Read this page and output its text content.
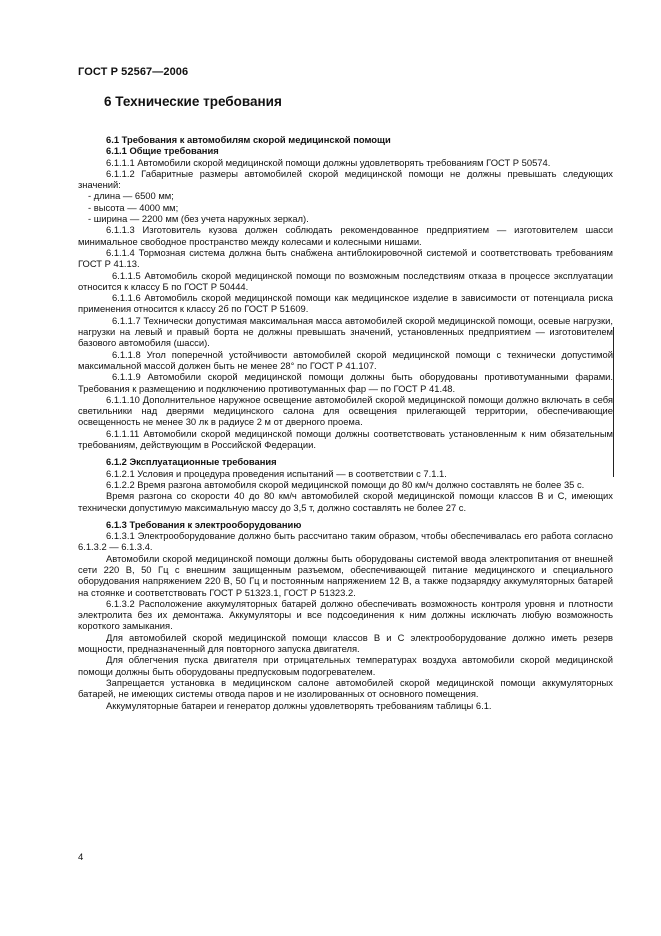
ГОСТ Р 52567—2006
6 Технические требования

6.1 Требования к автомобилям скорой медицинской помощи

6.1.1 Общие требования

6.1.1.1 Автомобили скорой медицинской помощи должны удовлетворять требованиям ГОСТ Р 50574.

6.1.1.2 Габаритные размеры автомобилей скорой медицинской помощи не должны превышать следующих значений:

- длина — 6500 мм;

- высота — 4000 мм;

- ширина — 2200 мм (без учета наружных зеркал).

6.1.1.3 Изготовитель кузова должен соблюдать рекомендованное предприятием — изготовителем шасси минимальное свободное пространство между колесами и колесными нишами.

6.1.1.4 Тормозная система должна быть снабжена антиблокировочной системой и соответствовать требованиям ГОСТ Р 41.13.

6.1.1.5 Автомобиль скорой медицинской помощи по возможным последствиям отказа в процессе эксплуатации относится к классу Б по ГОСТ Р 50444.

6.1.1.6 Автомобиль скорой медицинской помощи как медицинское изделие в зависимости от потенциала риска применения относится к классу 2б по ГОСТ Р 51609.

6.1.1.7 Технически допустимая максимальная масса автомобилей скорой медицинской помощи, осевые нагрузки, нагрузки на левый и правый борта не должны превышать значений, установленных предприятием — изготовителем базового автомобиля (шасси).

6.1.1.8 Угол поперечной устойчивости автомобилей скорой медицинской помощи с технически допустимой максимальной массой должен быть не менее 28° по ГОСТ Р 41.107.

6.1.1.9 Автомобили скорой медицинской помощи должны быть оборудованы противотуманными фарами. Требования к размещению и подключению противотуманных фар — по ГОСТ Р 41.48.

6.1.1.10 Дополнительное наружное освещение автомобилей скорой медицинской помощи должно включать в себя светильники над дверями медицинского салона для освещения прилегающей территории, обеспечивающие освещенность не менее 30 лк в радиусе 2 м от дверного проема.

6.1.1.11 Автомобили скорой медицинской помощи должны соответствовать установленным к ним обязательным требованиям, действующим в Российской Федерации.

6.1.2 Эксплуатационные требования

6.1.2.1 Условия и процедура проведения испытаний — в соответствии с 7.1.1.

6.1.2.2 Время разгона автомобиля скорой медицинской помощи до 80 км/ч должно составлять не более 35 с.

Время разгона со скорости 40 до 80 км/ч автомобилей скорой медицинской помощи классов В и С, имеющих технически допустимую максимальную массу до 3,5 т, должно составлять не более 27 с.

6.1.3 Требования к электрооборудованию

6.1.3.1 Электрооборудование должно быть рассчитано таким образом, чтобы обеспечивалась его работа согласно 6.1.3.2 — 6.1.3.4.

Автомобили скорой медицинской помощи должны быть оборудованы системой ввода электропитания от внешней сети 220 В, 50 Гц с внешним защищенным разъемом, обеспечивающей питание медицинского и специального оборудования напряжением 220 В, 50 Гц и постоянным напряжением 12 В, а также подзарядку аккумуляторных батарей на стоянке и соответствовать ГОСТ Р 51323.1, ГОСТ Р 51323.2.

6.1.3.2 Расположение аккумуляторных батарей должно обеспечивать возможность контроля уровня и плотности электролита без их демонтажа. Аккумуляторы и все подсоединения к ним должны исключать любую возможность короткого замыкания.

Для автомобилей скорой медицинской помощи классов В и С электрооборудование должно иметь резерв мощности, предназначенный для повторного запуска двигателя.

Для облегчения пуска двигателя при отрицательных температурах воздуха автомобили скорой медицинской помощи должны быть оборудованы предпусковым подогревателем.

Запрещается установка в медицинском салоне автомобилей скорой медицинской помощи аккумуляторных батарей, не имеющих системы отвода паров и не изолированных от основного помещения.

Аккумуляторные батареи и генератор должны удовлетворять требованиям таблицы 6.1.

4
